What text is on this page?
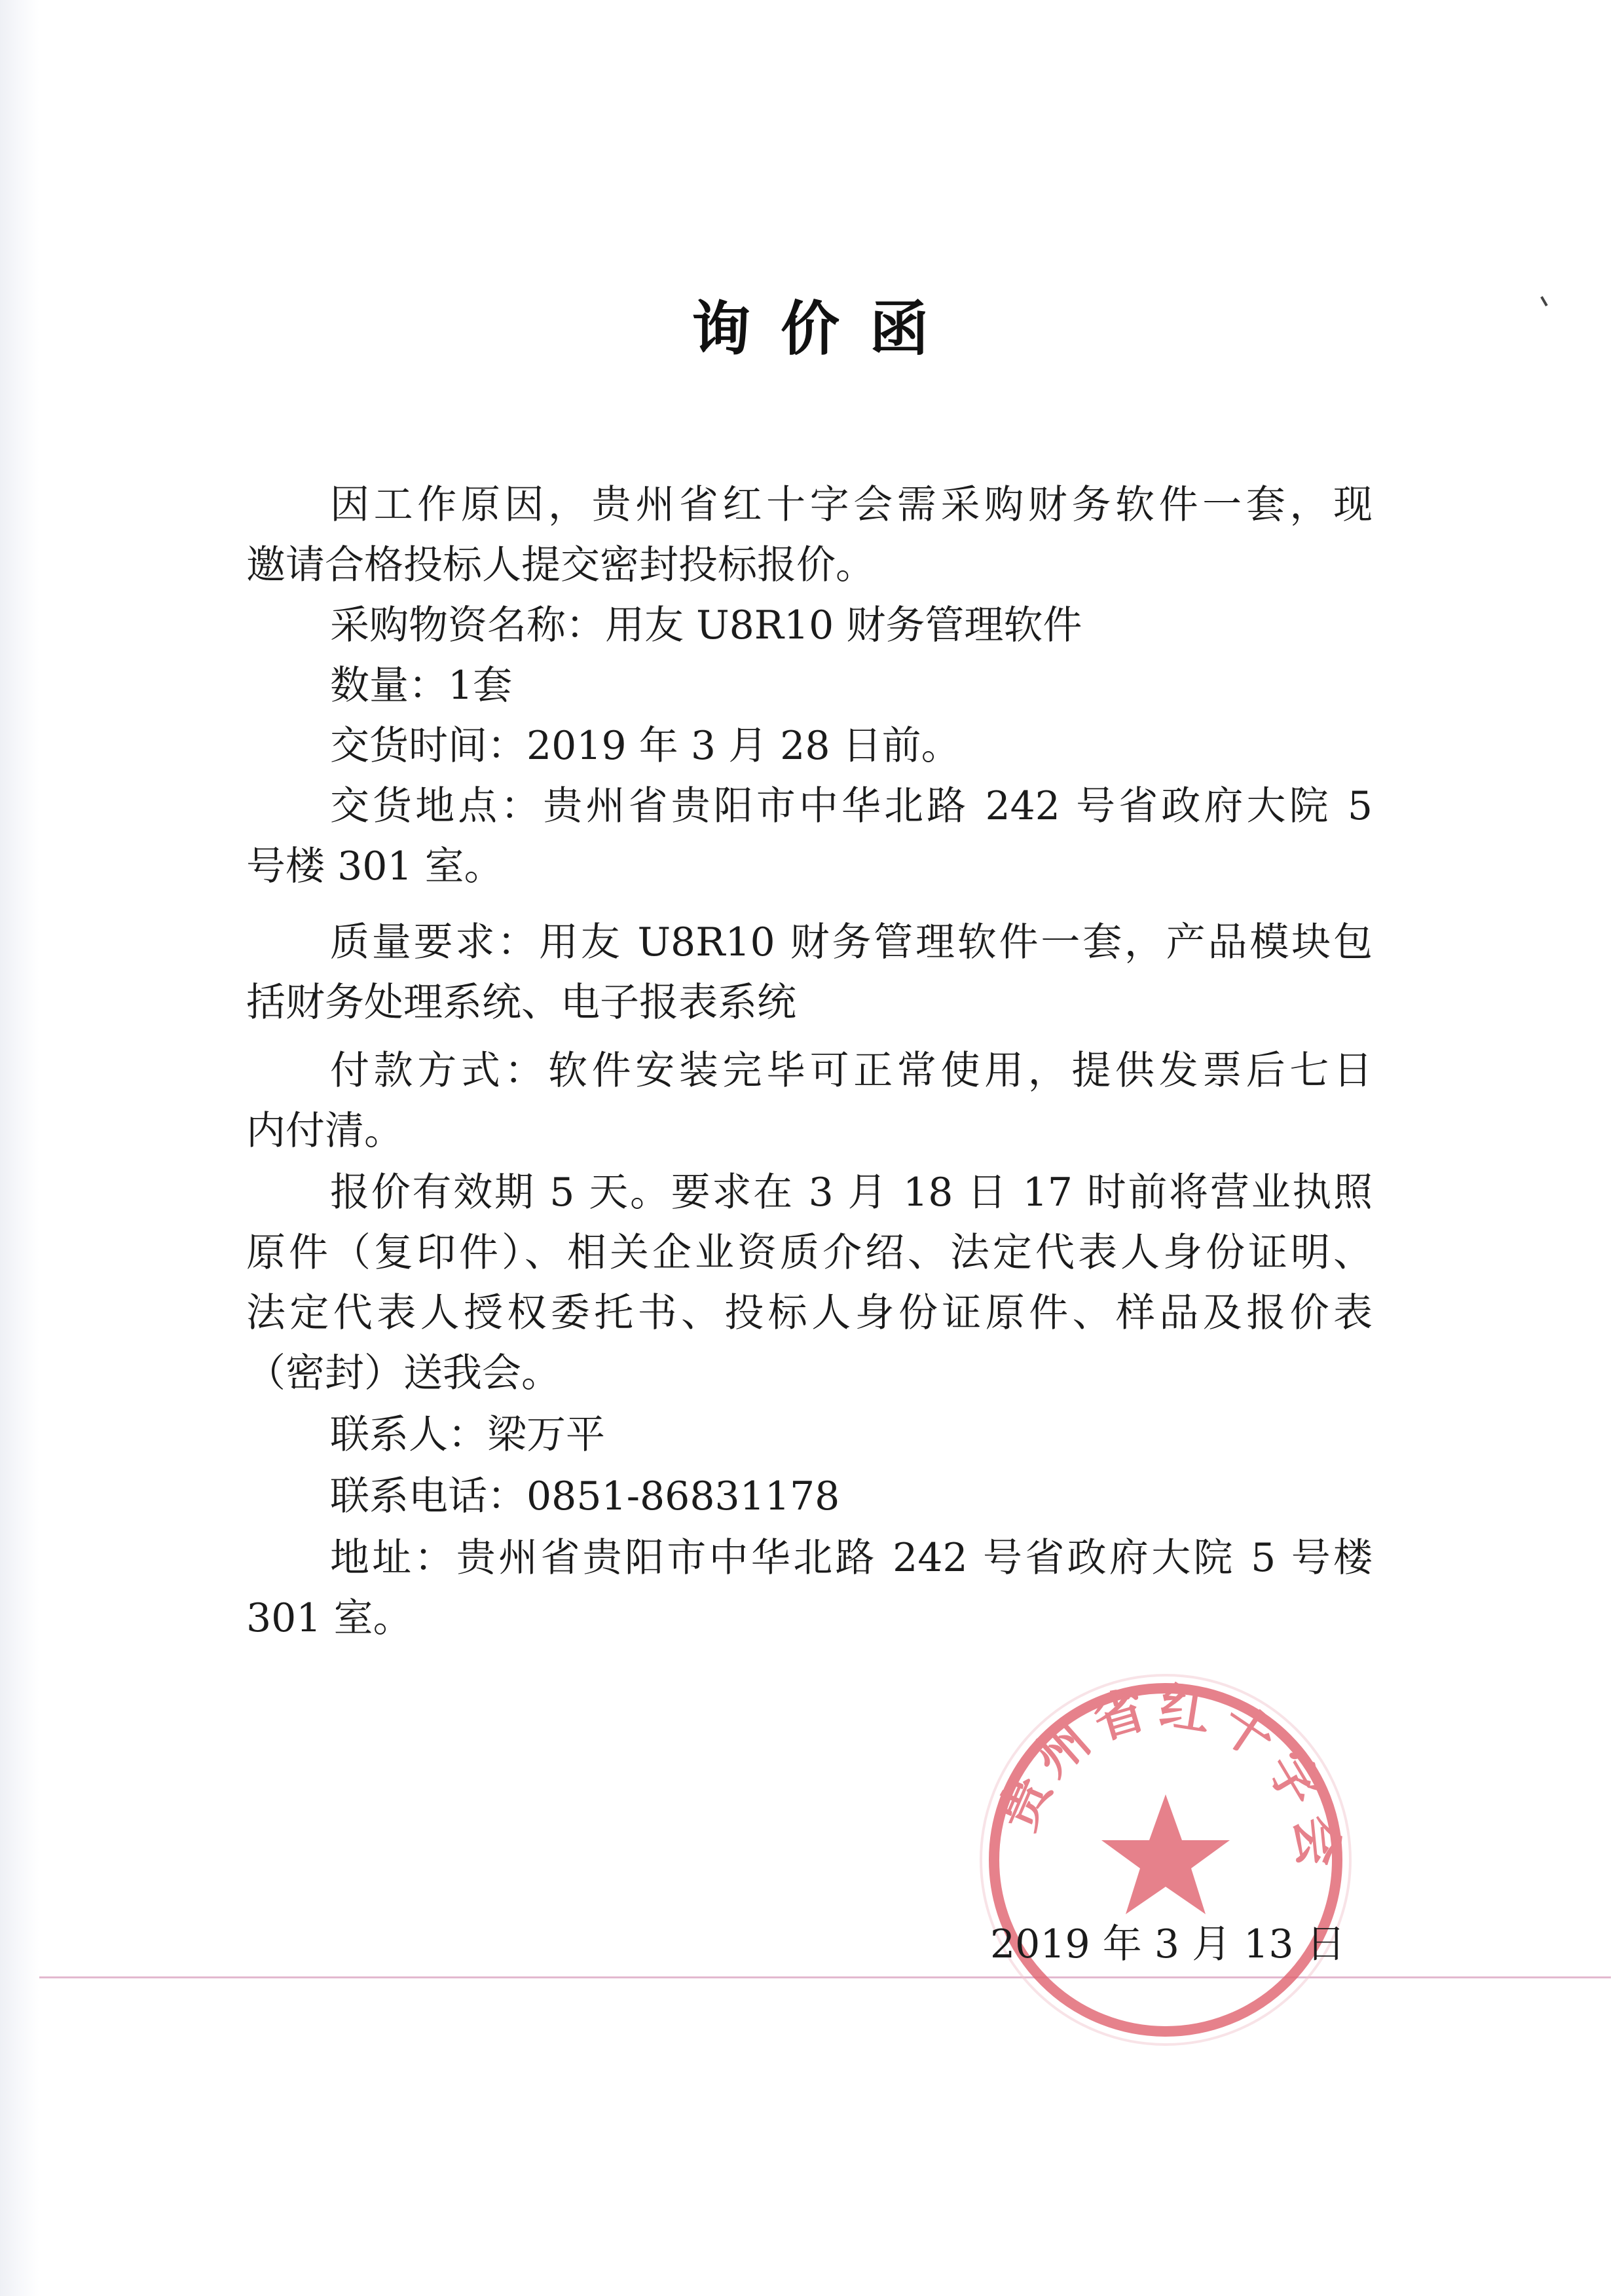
询价函
因工作原因，贵州省红十字会需采购财务软件一套，现
邀请合格投标人提交密封投标报价。
采购物资名称：用友 U8R10 财务管理软件
数量：1套
交货时间：2019 年 3 月 28 日前。
交货地点：贵州省贵阳市中华北路 242 号省政府大院 5
号楼 301 室。
质量要求：用友 U8R10 财务管理软件一套，产品模块包
括财务处理系统、电子报表系统
付款方式：软件安装完毕可正常使用，提供发票后七日
内付清。
报价有效期 5 天。要求在 3 月 18 日 17 时前将营业执照
原件（复印件）、相关企业资质介绍、法定代表人身份证明、
法定代表人授权委托书、投标人身份证原件、样品及报价表
（密封）送我会。
联系人：梁万平
联系电话：0851-86831178
地址：贵州省贵阳市中华北路 242 号省政府大院 5 号楼
301 室。
贵州省红十字会
2019 年 3 月 13 日
